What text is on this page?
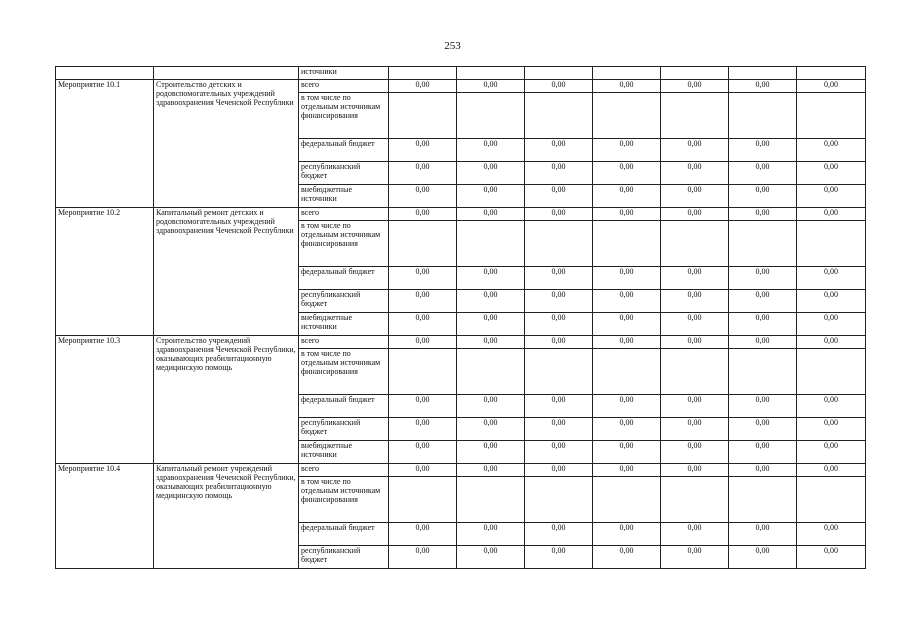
253
		источники							
Мероприятие 10.1	Строительство детских и родовспомогательных учреждений здравоохранения Чеченской Республики	всего	0,00	0,00	0,00	0,00	0,00	0,00	0,00
		в том числе по отдельным источникам финансирования							
		федеральный бюджет	0,00	0,00	0,00	0,00	0,00	0,00	0,00
		республиканский бюджет	0,00	0,00	0,00	0,00	0,00	0,00	0,00
		внебюджетные источники	0,00	0,00	0,00	0,00	0,00	0,00	0,00
Мероприятие 10.2	Капитальный ремонт детских и родовспомогательных учреждений здравоохранения Чеченской Республики	всего	0,00	0,00	0,00	0,00	0,00	0,00	0,00
		в том числе по отдельным источникам финансирования							
		федеральный бюджет	0,00	0,00	0,00	0,00	0,00	0,00	0,00
		республиканский бюджет	0,00	0,00	0,00	0,00	0,00	0,00	0,00
		внебюджетные источники	0,00	0,00	0,00	0,00	0,00	0,00	0,00
Мероприятие 10.3	Строительство учреждений здравоохранения Чеченской Республики, оказывающих реабилитационную медицинскую помощь	всего	0,00	0,00	0,00	0,00	0,00	0,00	0,00
		в том числе по отдельным источникам финансирования							
		федеральный бюджет	0,00	0,00	0,00	0,00	0,00	0,00	0,00
		республиканский бюджет	0,00	0,00	0,00	0,00	0,00	0,00	0,00
		внебюджетные источники	0,00	0,00	0,00	0,00	0,00	0,00	0,00
Мероприятие 10.4	Капитальный ремонт учреждений здравоохранения Чеченской Республики, оказывающих реабилитационную медицинскую помощь	всего	0,00	0,00	0,00	0,00	0,00	0,00	0,00
		в том числе по отдельным источникам финансирования							
		федеральный бюджет	0,00	0,00	0,00	0,00	0,00	0,00	0,00
		республиканский бюджет	0,00	0,00	0,00	0,00	0,00	0,00	0,00
